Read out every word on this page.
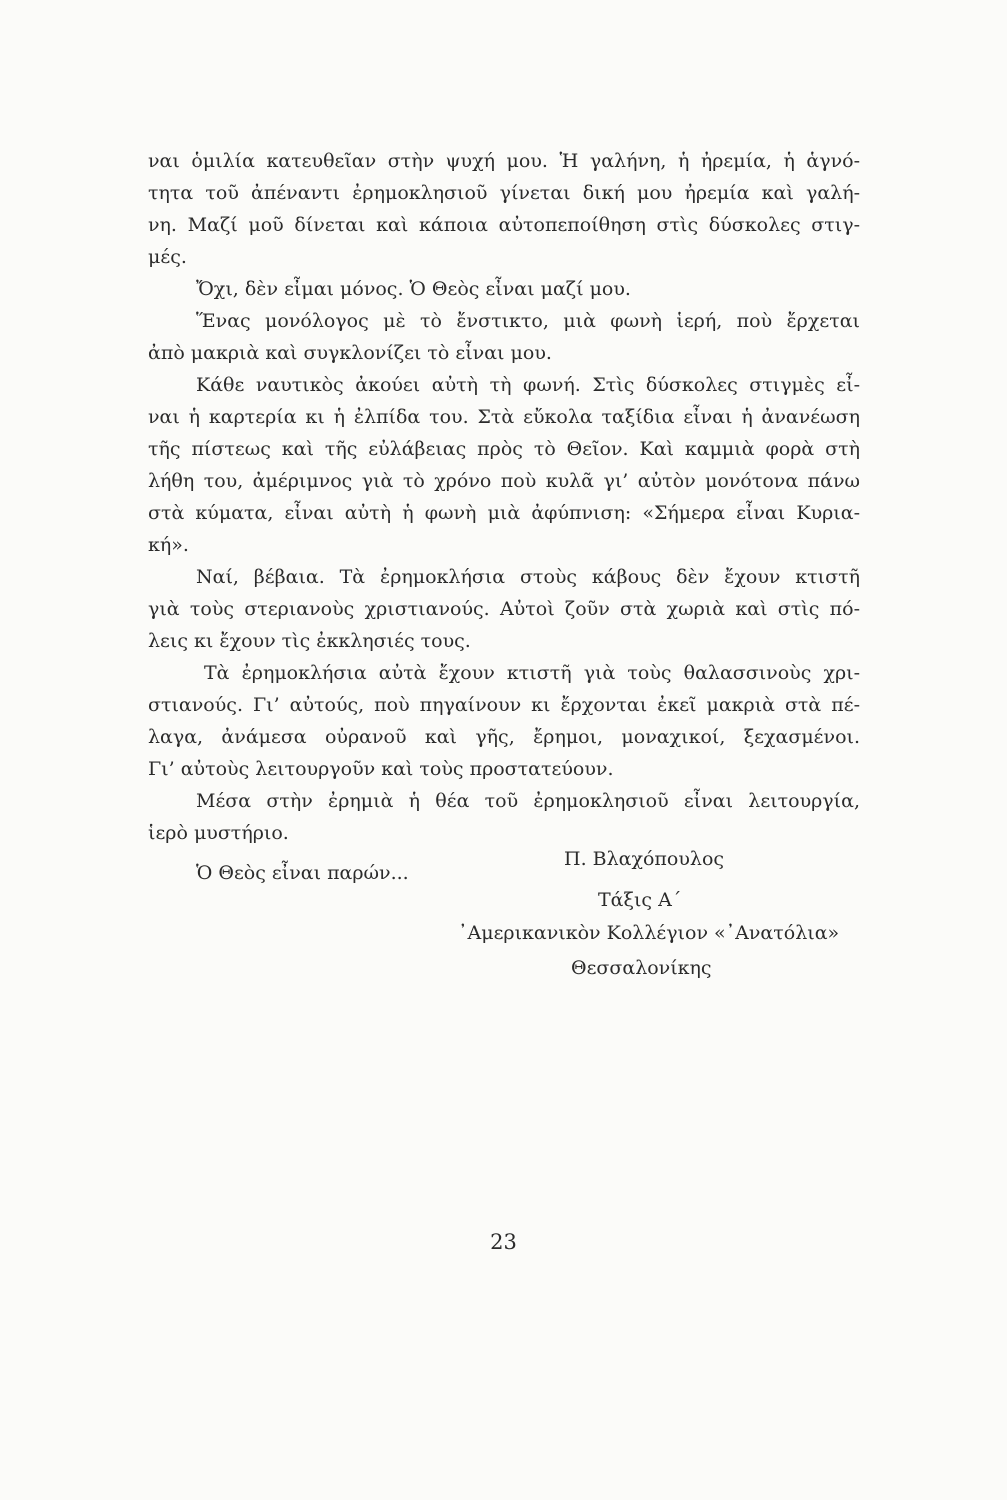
ναι ὁμιλία κατευθεῖαν στὴν ψυχή μου. Ἡ γαλήνη, ἡ ἠρεμία, ἡ ἁγνό-
τητα τοῦ ἀπέναντι ἐρημοκλησιοῦ γίνεται δική μου ἠρεμία καὶ γαλή-
νη. Μαζί μοῦ δίνεται καὶ κάποια αὐτοπεποίθηση στὶς δύσκολες στιγ-
μές.
Ὄχι, δὲν εἶμαι μόνος. Ὁ Θεὸς εἶναι μαζί μου.
Ἕνας μονόλογος μὲ τὸ ἔνστικτο, μιὰ φωνὴ ἱερή, ποὺ ἔρχεται
ἀπὸ μακριὰ καὶ συγκλονίζει τὸ εἶναι μου.
Κάθε ναυτικὸς ἀκούει αὐτὴ τὴ φωνή. Στὶς δύσκολες στιγμὲς εἶ-
ναι ἡ καρτερία κι ἡ ἐλπίδα του. Στὰ εὔκολα ταξίδια εἶναι ἡ ἀνανέωση
τῆς πίστεως καὶ τῆς εὐλάβειας πρὸς τὸ Θεῖον. Καὶ καμμιὰ φορὰ στὴ
λήθη του, ἀμέριμνος γιὰ τὸ χρόνο ποὺ κυλᾶ γι’ αὐτὸν μονότονα πάνω
στὰ κύματα, εἶναι αὐτὴ ἡ φωνὴ μιὰ ἀφύπνιση: «Σήμερα εἶναι Κυρια-
κή».
Ναί, βέβαια. Τὰ ἐρημοκλήσια στοὺς κάβους δὲν ἔχουν κτιστῆ
γιὰ τοὺς στεριανοὺς χριστιανούς. Αὐτοὶ ζοῦν στὰ χωριὰ καὶ στὶς πό-
λεις κι ἔχουν τὶς ἐκκλησιές τους.
Τὰ ἐρημοκλήσια αὐτὰ ἔχουν κτιστῆ γιὰ τοὺς θαλασσινοὺς χρι-
στιανούς. Γι’ αὐτούς, ποὺ πηγαίνουν κι ἔρχονται ἐκεῖ μακριὰ στὰ πέ-
λαγα, ἀνάμεσα οὐρανοῦ καὶ γῆς, ἔρημοι, μοναχικοί, ξεχασμένοι.
Γι’ αὐτοὺς λειτουργοῦν καὶ τοὺς προστατεύουν.
Μέσα στὴν ἐρημιὰ ἡ θέα τοῦ ἐρημοκλησιοῦ εἶναι λειτουργία,
ἱερὸ μυστήριο.
Ὁ Θεὸς εἶναι παρών...
Π. Βλαχόπουλος
Τάξις Α΄
᾿Αμερικανικὸν Κολλέγιον «᾿Ανατόλια»
Θεσσαλονίκης
23
